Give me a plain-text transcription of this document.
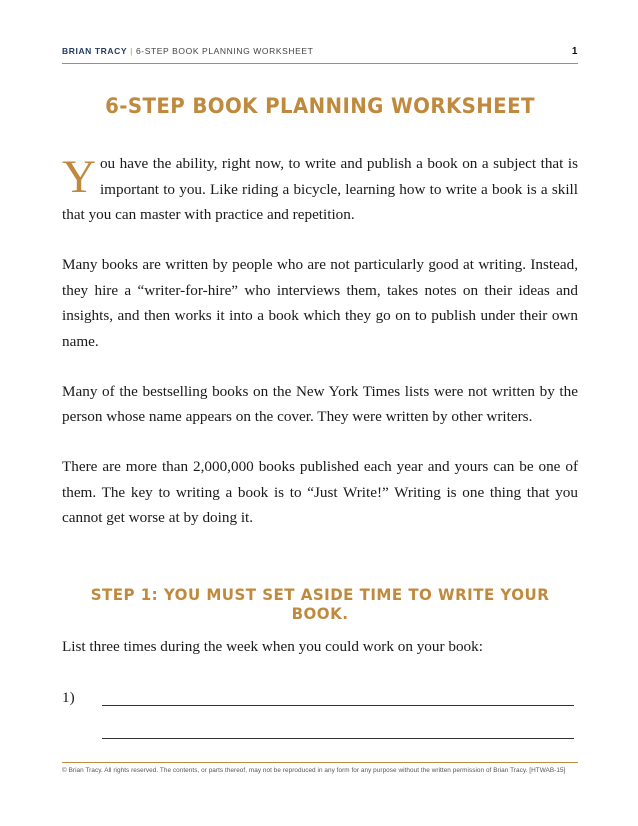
BRIAN TRACY | 6-STEP BOOK PLANNING WORKSHEET	1
6-STEP BOOK PLANNING WORKSHEET

You have the ability, right now, to write and publish a book on a subject that is important to you. Like riding a bicycle, learning how to write a book is a skill that you can master with practice and repetition.

Many books are written by people who are not particularly good at writing. Instead, they hire a “writer-for-hire” who interviews them, takes notes on their ideas and insights, and then works it into a book which they go on to publish under their own name.

Many of the bestselling books on the New York Times lists were not written by the person whose name appears on the cover. They were written by other writers.

There are more than 2,000,000 books published each year and yours can be one of them. The key to writing a book is to “Just Write!” Writing is one thing that you cannot get worse at by doing it.

STEP 1: YOU MUST SET ASIDE TIME TO WRITE YOUR BOOK.
List three times during the week when you could work on your book:
1)
© Brian Tracy. All rights reserved. The contents, or parts thereof, may not be reproduced in any form for any purpose without the written permission of Brian Tracy. [HTWAB-15]
